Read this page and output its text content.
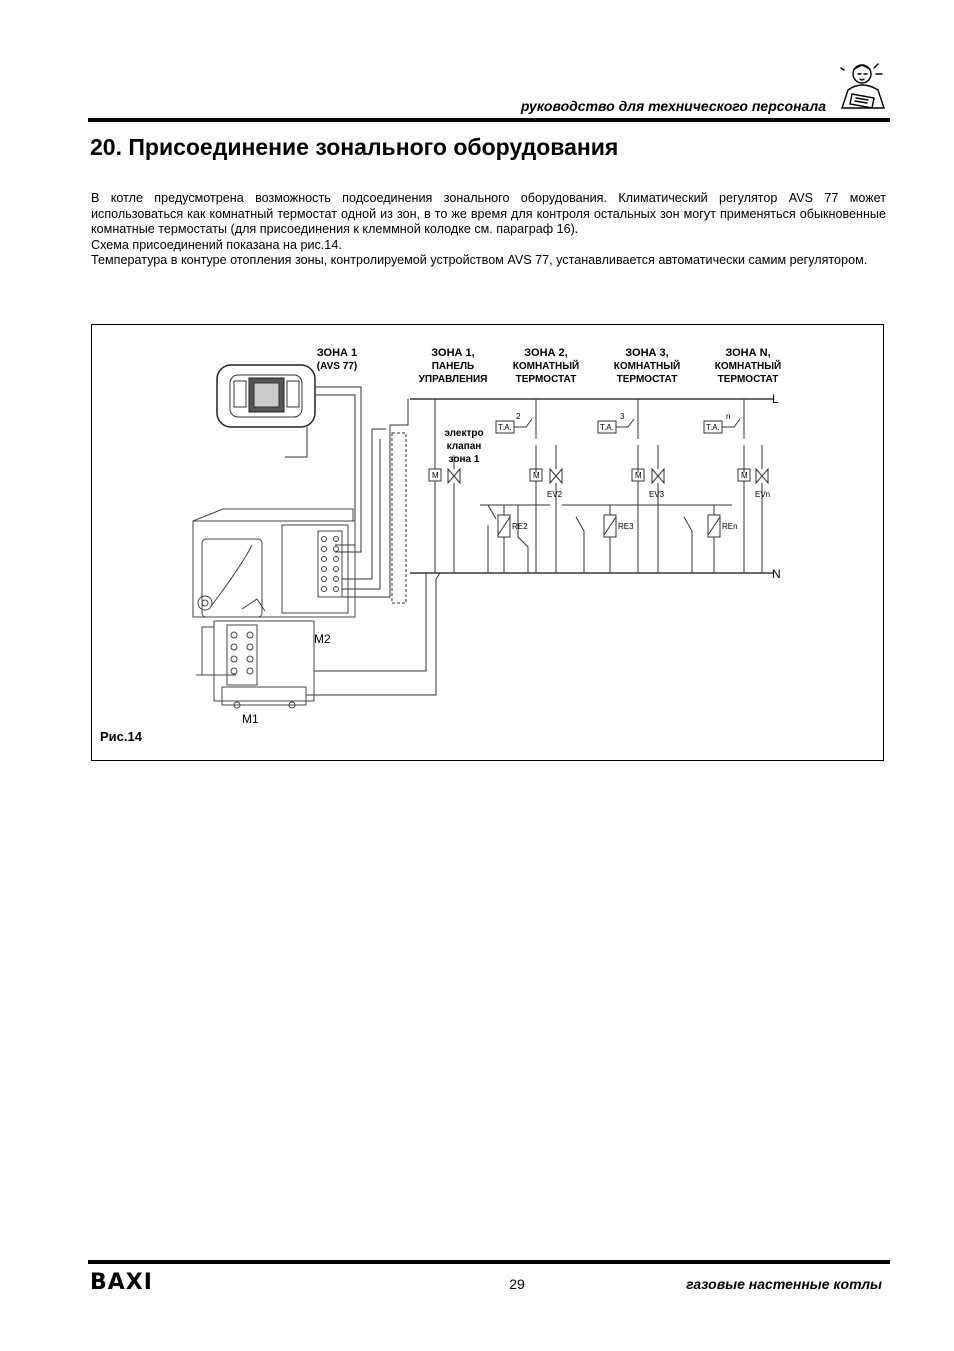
руководство для технического персонала
20. Присоединение зонального оборудования

В котле предусмотрена возможность подсоединения зонального оборудования. Климатический регулятор AVS 77 может использоваться как комнатный термостат одной из зон, в то же время для контроля остальных зон могут применяться обыкновенные комнатные термостаты (для присоединения к клеммной колодке см. параграф 16).

Схема присоединений показана на рис.14.

Температура в контуре отопления зоны, контролируемой устройством AVS 77, устанавливается автоматически самим регулятором.

ЗОНА 1
(AVS 77)
ЗОНА 1,
ПАНЕЛЬ
УПРАВЛЕНИЯ
ЗОНА 2,
КОМНАТНЫЙ
ТЕРМОСТАТ
ЗОНА 3,
КОМНАТНЫЙ
ТЕРМОСТАТ
ЗОНА N,
КОМНАТНЫЙ
ТЕРМОСТАТ
электро
клапан
зона 1
T.A.	T.A.	T.A.
M	M	M	M
RE2	RE3	REn
EV2	EV3	EVn
2	3	n
L
N
M2
M1
Рис.14
BAXI	29	газовые настенные котлы
